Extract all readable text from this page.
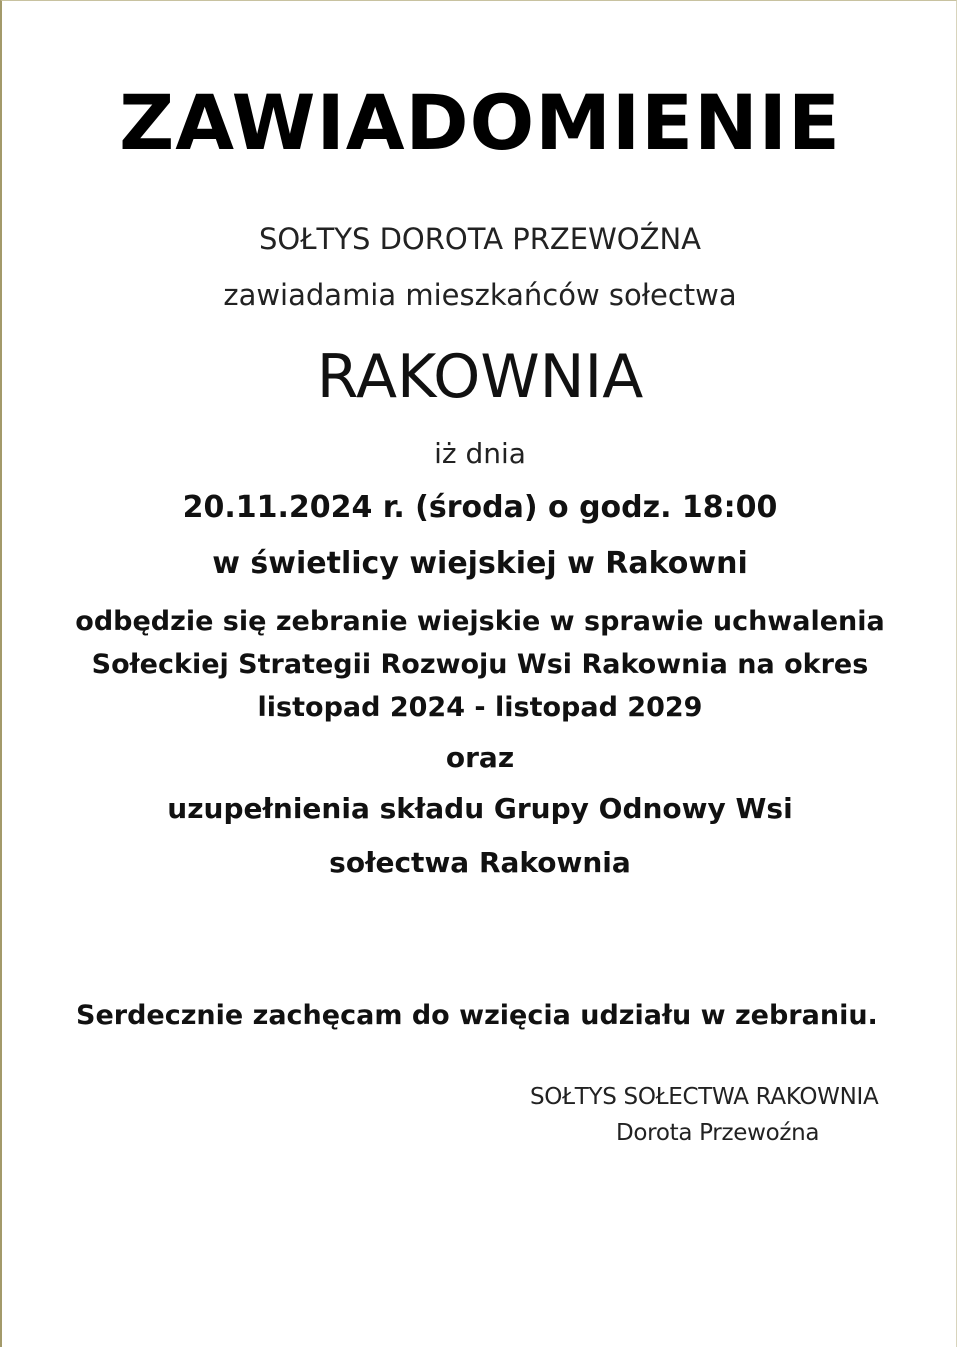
ZAWIADOMIENIE
SOŁTYS DOROTA PRZEWOŹNA
zawiadamia mieszkańców sołectwa
RAKOWNIA
iż dnia
20.11.2024 r. (środa) o godz. 18:00
w świetlicy wiejskiej w Rakowni
odbędzie się zebranie wiejskie w sprawie uchwalenia
Sołeckiej Strategii Rozwoju Wsi Rakownia na okres
listopad 2024 - listopad 2029
oraz
uzupełnienia składu Grupy Odnowy Wsi
sołectwa Rakownia
Serdecznie zachęcam do wzięcia udziału w zebraniu.
SOŁTYS SOŁECTWA RAKOWNIA
Dorota Przewoźna
